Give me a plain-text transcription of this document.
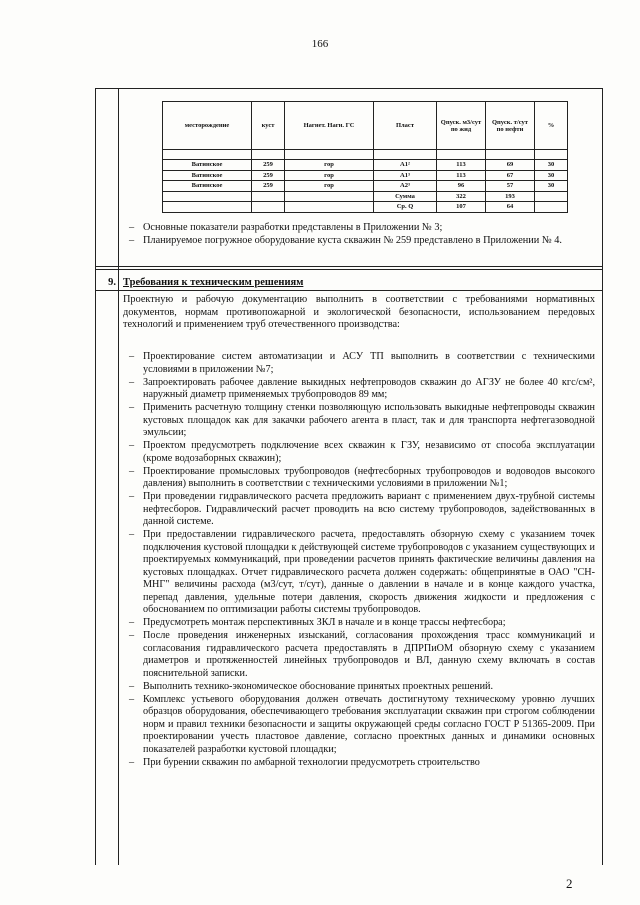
166
месторождение	куст	Нагнет. Нагн. ГС	Пласт	Qпуск. м3/сут по жид	Qпуск. т/сут по нефти	%

Ватинское	259	гор	A1²	113	69	30
Ватинское	259	гор	A1³	113	67	30
Ватинское	259	гор	A2³	96	57	30
			Сумма	322	193	
			Ср. Q	107	64	
– Основные показатели разработки представлены в Приложении № 3;
– Планируемое погружное оборудование куста скважин № 259 представлено в Приложении № 4.
9. Требования к техническим решениям
Проектную и рабочую документацию выполнить в соответствии с требованиями нормативных документов, нормам противопожарной и экологической безопасности, использованием передовых технологий и применением труб отечественного производства:
– Проектирование систем автоматизации и АСУ ТП выполнить в соответствии с техническими условиями в приложении №7;
– Запроектировать рабочее давление выкидных нефтепроводов скважин до АГЗУ не более 40 кгс/см², наружный диаметр применяемых трубопроводов 89 мм;
– Применить расчетную толщину стенки позволяющую использовать выкидные нефтепроводы скважин кустовых площадок как для закачки рабочего агента в пласт, так и для транспорта нефтегазоводной эмульсии;
– Проектом предусмотреть подключение всех скважин к ГЗУ, независимо от способа эксплуатации (кроме водозаборных скважин);
– Проектирование промысловых трубопроводов (нефтесборных трубопроводов и водоводов высокого давления) выполнить в соответствии с техническими условиями в приложении №1;
– При проведении гидравлического расчета предложить вариант с применением двух-трубной системы нефтесборов. Гидравлический расчет проводить на всю систему трубопроводов, задействованных в данной системе.
– При предоставлении гидравлического расчета, предоставлять обзорную схему с указанием точек подключения кустовой площадки к действующей системе трубопроводов с указанием существующих и проектируемых коммуникаций, при проведении расчетов принять фактические величины давления на кустовых площадках. Отчет гидравлического расчета должен содержать: общепринятые в ОАО "СН-МНГ" величины расхода (м3/сут, т/сут), данные о давлении в начале и в конце каждого участка, перепад давления, удельные потери давления, скорость движения жидкости и предложения с обоснованием по оптимизации работы системы трубопроводов.
– Предусмотреть монтаж перспективных ЗКЛ в начале и в конце трассы нефтесбора;
– После проведения инженерных изысканий, согласования прохождения трасс коммуникаций и согласования гидравлического расчета предоставлять в ДПРПиОМ обзорную схему с указанием диаметров и протяженностей линейных трубопроводов и ВЛ, данную схему включать в состав пояснительной записки.
– Выполнить технико-экономическое обоснование принятых проектных решений.
– Комплекс устьевого оборудования должен отвечать достигнутому техническому уровню лучших образцов оборудования, обеспечивающего требования эксплуатации скважин при строгом соблюдении норм и правил техники безопасности и защиты окружающей среды согласно ГОСТ Р 51365-2009. При проектировании учесть пластовое давление, согласно проектных данных и динамики основных показателей разработки кустовой площадки;
– При бурении скважин по амбарной технологии предусмотреть строительство
2
